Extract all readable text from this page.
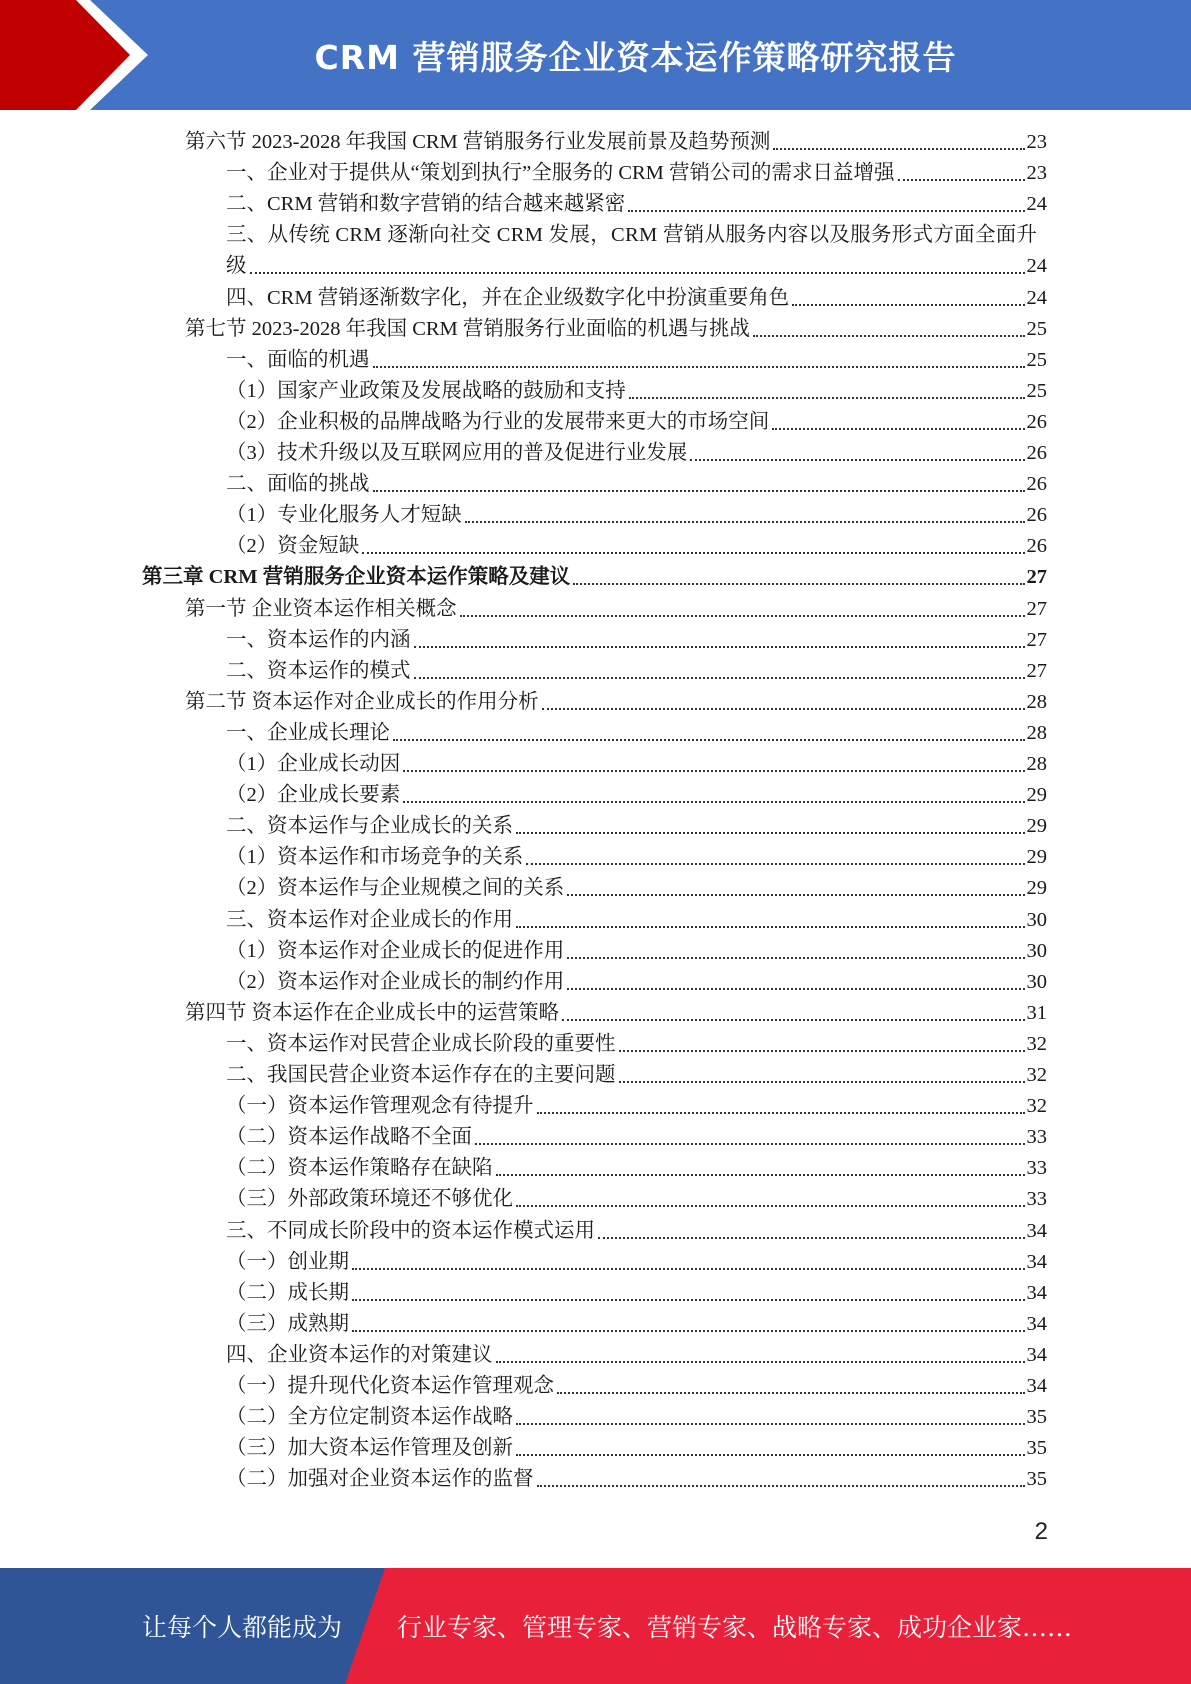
CRM 营销服务企业资本运作策略研究报告
第六节 2023-2028 年我国 CRM 营销服务行业发展前景及趋势预测	23
一、企业对于提供从“策划到执行”全服务的 CRM 营销公司的需求日益增强	23
二、CRM 营销和数字营销的结合越来越紧密	24
三、从传统 CRM 逐渐向社交 CRM 发展，CRM 营销从服务内容以及服务形式方面全面升
级	24
四、CRM 营销逐渐数字化，并在企业级数字化中扮演重要角色	24
第七节 2023-2028 年我国 CRM 营销服务行业面临的机遇与挑战	25
一、面临的机遇	25
（1）国家产业政策及发展战略的鼓励和支持	25
（2）企业积极的品牌战略为行业的发展带来更大的市场空间	26
（3）技术升级以及互联网应用的普及促进行业发展	26
二、面临的挑战	26
（1）专业化服务人才短缺	26
（2）资金短缺	26
第三章 CRM 营销服务企业资本运作策略及建议	27
第一节 企业资本运作相关概念	27
一、资本运作的内涵	27
二、资本运作的模式	27
第二节 资本运作对企业成长的作用分析	28
一、企业成长理论	28
（1）企业成长动因	28
（2）企业成长要素	29
二、资本运作与企业成长的关系	29
（1）资本运作和市场竞争的关系	29
（2）资本运作与企业规模之间的关系	29
三、资本运作对企业成长的作用	30
（1）资本运作对企业成长的促进作用	30
（2）资本运作对企业成长的制约作用	30
第四节 资本运作在企业成长中的运营策略	31
一、资本运作对民营企业成长阶段的重要性	32
二、我国民营企业资本运作存在的主要问题	32
（一）资本运作管理观念有待提升	32
（二）资本运作战略不全面	33
（二）资本运作策略存在缺陷	33
（三）外部政策环境还不够优化	33
三、不同成长阶段中的资本运作模式运用	34
（一）创业期	34
（二）成长期	34
（三）成熟期	34
四、企业资本运作的对策建议	34
（一）提升现代化资本运作管理观念	34
（二）全方位定制资本运作战略	35
（三）加大资本运作管理及创新	35
（二）加强对企业资本运作的监督	35
2
让每个人都能成为 行业专家、管理专家、营销专家、战略专家、成功企业家……
